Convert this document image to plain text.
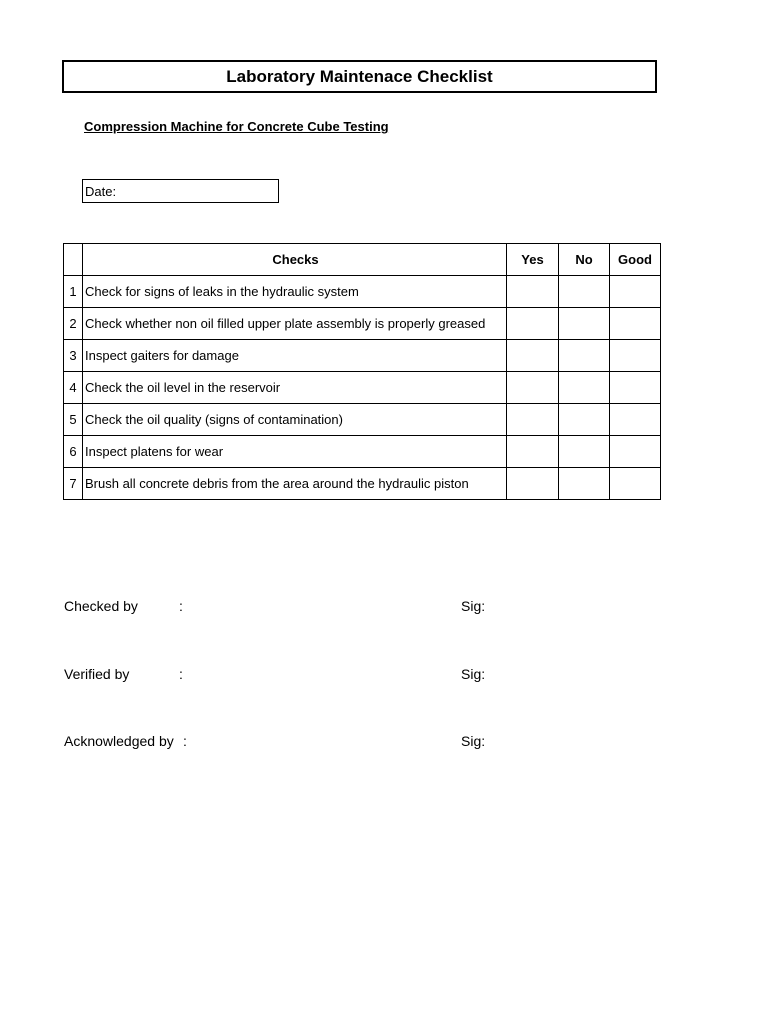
Laboratory Maintenace Checklist
Compression Machine for Concrete Cube Testing
Date:
	Checks	Yes	No	Good
1	Check for signs of leaks in the hydraulic system			
2	Check whether non oil filled upper plate assembly is properly greased			
3	Inspect gaiters for damage			
4	Check the oil level in the reservoir			
5	Check the oil quality (signs of contamination)			
6	Inspect platens for wear			
7	Brush all concrete debris from the area around the hydraulic piston			
Checked by	:	Sig:
Verified by	:	Sig:
Acknowledged by :	Sig:
